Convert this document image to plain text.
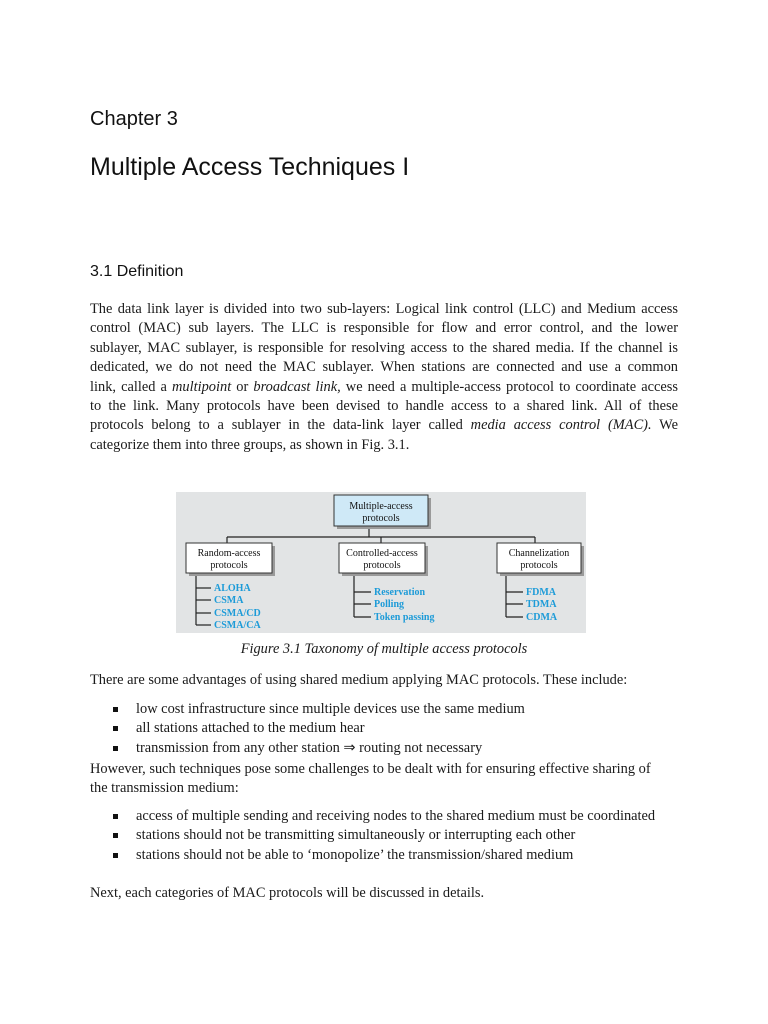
Chapter 3
Multiple Access Techniques I
3.1 Definition
The data link layer is divided into two sub-layers: Logical link control (LLC) and Medium access
control (MAC) sub layers. The LLC is responsible for flow and error control, and the lower
sublayer, MAC sublayer, is responsible for resolving access to the shared media. If the channel is
dedicated, we do not need the MAC sublayer. When stations are connected and use a common
link, called a multipoint or broadcast link, we need a multiple-access protocol to coordinate access
to the link. Many protocols have been devised to handle access to a shared link. All of these
protocols belong to a sublayer in the data-link layer called media access control (MAC). We
categorize them into three groups, as shown in Fig. 3.1.
Multiple-access
protocols
Random-access
protocols
Controlled-access
protocols
Channelization
protocols
ALOHA
CSMA
CSMA/CD
CSMA/CA
Reservation
Polling
Token passing
FDMA
TDMA
CDMA
Figure 3.1 Taxonomy of multiple access protocols
There are some advantages of using shared medium applying MAC protocols. These include:
low cost infrastructure since multiple devices use the same medium
all stations attached to the medium hear
transmission from any other station ⇒ routing not necessary
However, such techniques pose some challenges to be dealt with for ensuring effective sharing of the transmission medium:
access of multiple sending and receiving nodes to the shared medium must be coordinated
stations should not be transmitting simultaneously or interrupting each other
stations should not be able to ‘monopolize’ the transmission/shared medium
Next, each categories of MAC protocols will be discussed in details.
